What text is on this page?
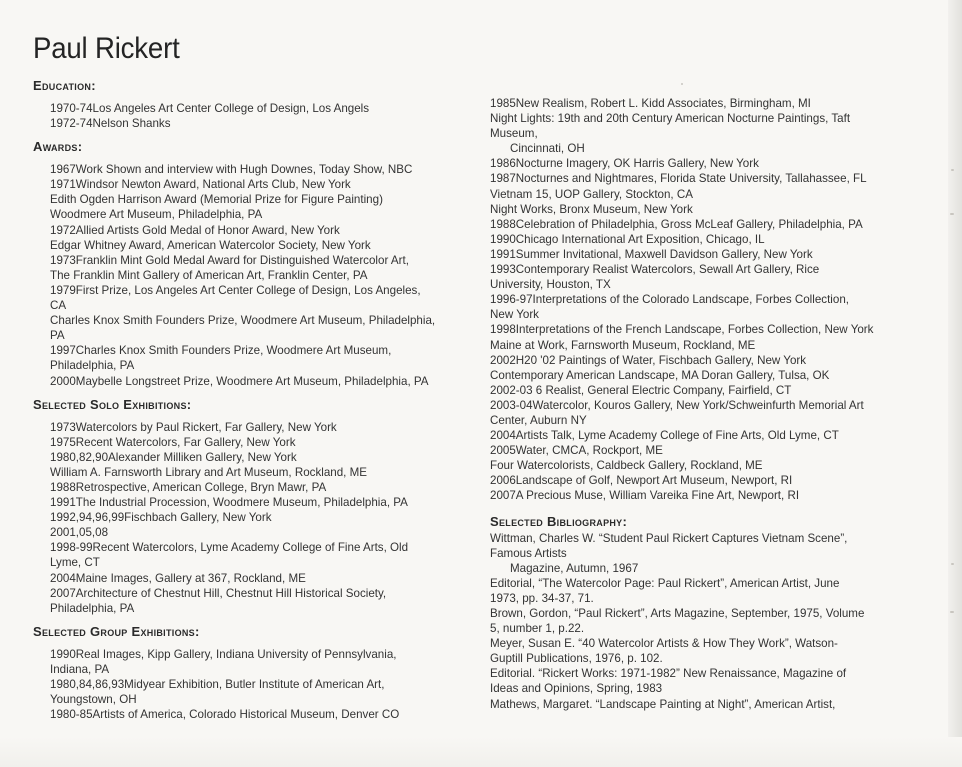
Paul Rickert
Education:
1970-74Los Angeles Art Center College of Design, Los Angels
1972-74Nelson Shanks
Awards:
1967Work Shown and interview with Hugh Downes, Today Show, NBC
1971Windsor Newton Award, National Arts Club, New York
Edith Ogden Harrison Award (Memorial Prize for Figure Painting)
Woodmere Art Museum, Philadelphia, PA
1972Allied Artists Gold Medal of Honor Award, New York
Edgar Whitney Award, American Watercolor Society, New York
1973Franklin Mint Gold Medal Award for Distinguished Watercolor Art,
The Franklin Mint Gallery of American Art, Franklin Center, PA
1979First Prize, Los Angeles Art Center College of Design, Los Angeles,
CA
Charles Knox Smith Founders Prize, Woodmere Art Museum, Philadelphia,
PA
1997Charles Knox Smith Founders Prize, Woodmere Art Museum,
Philadelphia, PA
2000Maybelle Longstreet Prize, Woodmere Art Museum, Philadelphia, PA
Selected Solo Exhibitions:
1973Watercolors by Paul Rickert, Far Gallery, New York
1975Recent Watercolors, Far Gallery, New York
1980,82,90Alexander Milliken Gallery, New York
William A. Farnsworth Library and Art Museum, Rockland, ME
1988Retrospective, American College, Bryn Mawr, PA
1991The Industrial Procession, Woodmere Museum, Philadelphia, PA
1992,94,96,99Fischbach Gallery, New York
2001,05,08
1998-99Recent Watercolors, Lyme Academy College of Fine Arts, Old
Lyme, CT
2004Maine Images, Gallery at 367, Rockland, ME
2007Architecture of Chestnut Hill, Chestnut Hill Historical Society,
Philadelphia, PA
Selected Group Exhibitions:
1990Real Images, Kipp Gallery, Indiana University of Pennsylvania,
Indiana, PA
1980,84,86,93Midyear Exhibition, Butler Institute of American Art,
Youngstown, OH
1980-85Artists of America, Colorado Historical Museum, Denver CO
1985New Realism, Robert L. Kidd Associates, Birmingham, MI
Night Lights: 19th and 20th Century American Nocturne Paintings, Taft
Museum,
Cincinnati, OH
1986Nocturne Imagery, OK Harris Gallery, New York
1987Nocturnes and Nightmares, Florida State University, Tallahassee, FL
Vietnam 15, UOP Gallery, Stockton, CA
Night Works, Bronx Museum, New York
1988Celebration of Philadelphia, Gross McLeaf Gallery, Philadelphia, PA
1990Chicago International Art Exposition, Chicago, IL
1991Summer Invitational, Maxwell Davidson Gallery, New York
1993Contemporary Realist Watercolors, Sewall Art Gallery, Rice
University, Houston, TX
1996-97Interpretations of the Colorado Landscape, Forbes Collection,
New York
1998Interpretations of the French Landscape, Forbes Collection, New York
Maine at Work, Farnsworth Museum, Rockland, ME
2002H20 '02 Paintings of Water, Fischbach Gallery, New York
Contemporary American Landscape, MA Doran Gallery, Tulsa, OK
2002-03 6 Realist, General Electric Company, Fairfield, CT
2003-04Watercolor, Kouros Gallery, New York/Schweinfurth Memorial Art
Center, Auburn NY
2004Artists Talk, Lyme Academy College of Fine Arts, Old Lyme, CT
2005Water, CMCA, Rockport, ME
Four Watercolorists, Caldbeck Gallery, Rockland, ME
2006Landscape of Golf, Newport Art Museum, Newport, RI
2007A Precious Muse, William Vareika Fine Art, Newport, RI
Selected Bibliography:
Wittman, Charles W. “Student Paul Rickert Captures Vietnam Scene”,
Famous Artists
Magazine, Autumn, 1967
Editorial, “The Watercolor Page: Paul Rickert”, American Artist, June
1973, pp. 34-37, 71.
Brown, Gordon, “Paul Rickert”, Arts Magazine, September, 1975, Volume
5, number 1, p.22.
Meyer, Susan E. “40 Watercolor Artists & How They Work”, Watson-
Guptill Publications, 1976, p. 102.
Editorial. “Rickert Works: 1971-1982” New Renaissance, Magazine of
Ideas and Opinions, Spring, 1983
Mathews, Margaret. “Landscape Painting at Night”, American Artist,
